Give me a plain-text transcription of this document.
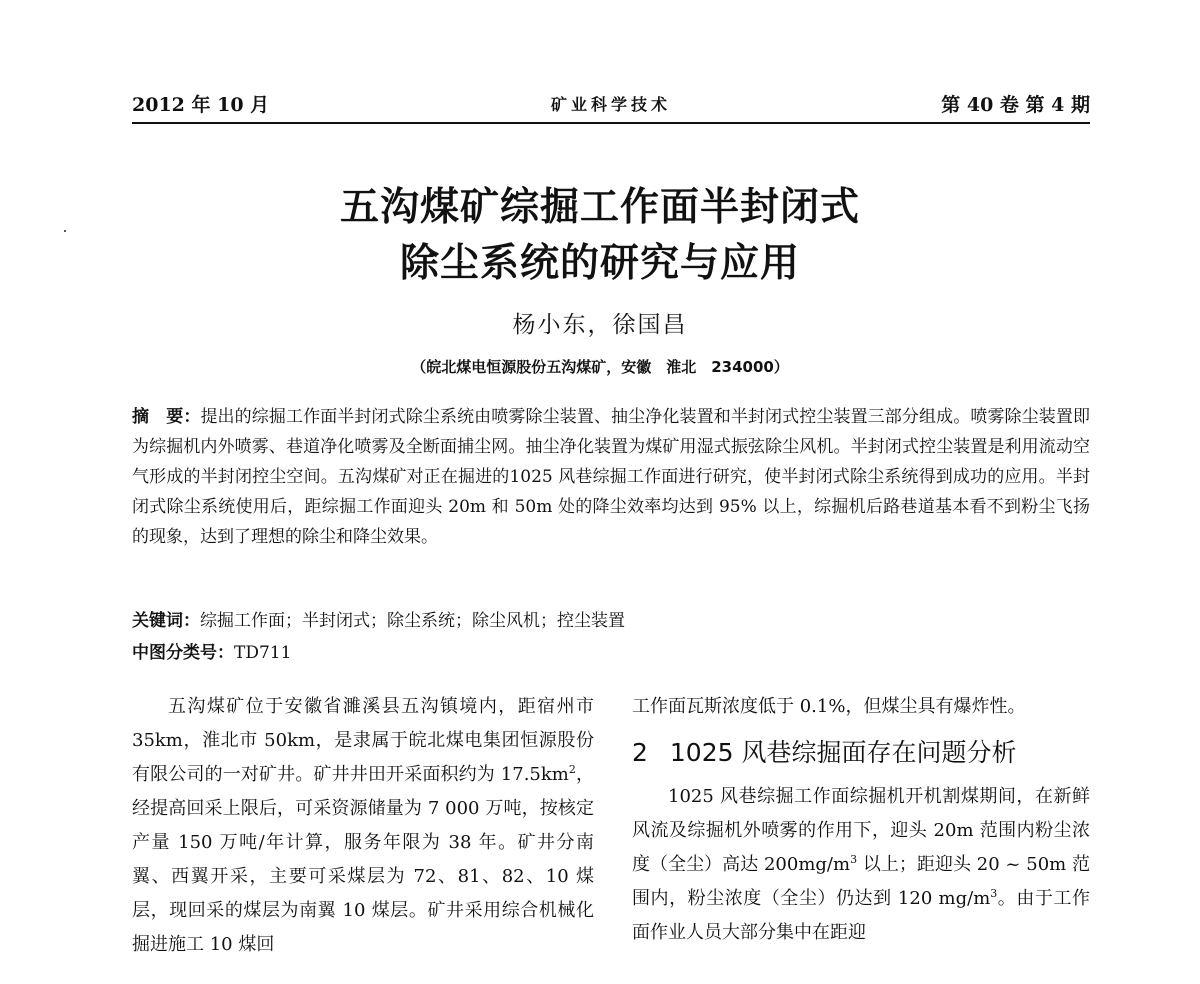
2012 年 10 月	矿业科学技术	第 40 卷 第 4 期
五沟煤矿综掘工作面半封闭式
除尘系统的研究与应用
杨小东，徐国昌
（皖北煤电恒源股份五沟煤矿，安徽　淮北　234000）
摘　要：提出的综掘工作面半封闭式除尘系统由喷雾除尘装置、抽尘净化装置和半封闭式控尘装置三部分组成。喷雾除尘装置即为综掘机内外喷雾、巷道净化喷雾及全断面捕尘网。抽尘净化装置为煤矿用湿式振弦除尘风机。半封闭式控尘装置是利用流动空气形成的半封闭控尘空间。五沟煤矿对正在掘进的1025 风巷综掘工作面进行研究，使半封闭式除尘系统得到成功的应用。半封闭式除尘系统使用后，距综掘工作面迎头 20m 和 50m 处的降尘效率均达到 95% 以上，综掘机后路巷道基本看不到粉尘飞扬的现象，达到了理想的除尘和降尘效果。
关键词：综掘工作面；半封闭式；除尘系统；除尘风机；控尘装置
中图分类号：TD711

五沟煤矿位于安徽省濉溪县五沟镇境内，距宿州市 35km，淮北市 50km，是隶属于皖北煤电集团恒源股份有限公司的一对矿井。矿井井田开采面积约为 $17.5km^2$，经提高回采上限后，可采资源储量为 7 000 万吨，按核定产量 150 万吨/年计算，服务年限为 38 年。矿井分南翼、西翼开采，主要可采煤层为 72、81、82、10 煤层，现回采的煤层为南翼 10 煤层。矿井采用综合机械化掘进施工 10 煤回

工作面瓦斯浓度低于 0.1%，但煤尘具有爆炸性。

2 1025 风巷综掘面存在问题分析

1025 风巷综掘工作面综掘机开机割煤期间，在新鲜风流及综掘机外喷雾的作用下，迎头 20m 范围内粉尘浓度（全尘）高达 $200mg/m^3$ 以上；距迎头 20 ~ 50m 范围内，粉尘浓度（全尘）仍达到 120 $mg/m^3$。由于工作面作业人员大部分集中在距迎
